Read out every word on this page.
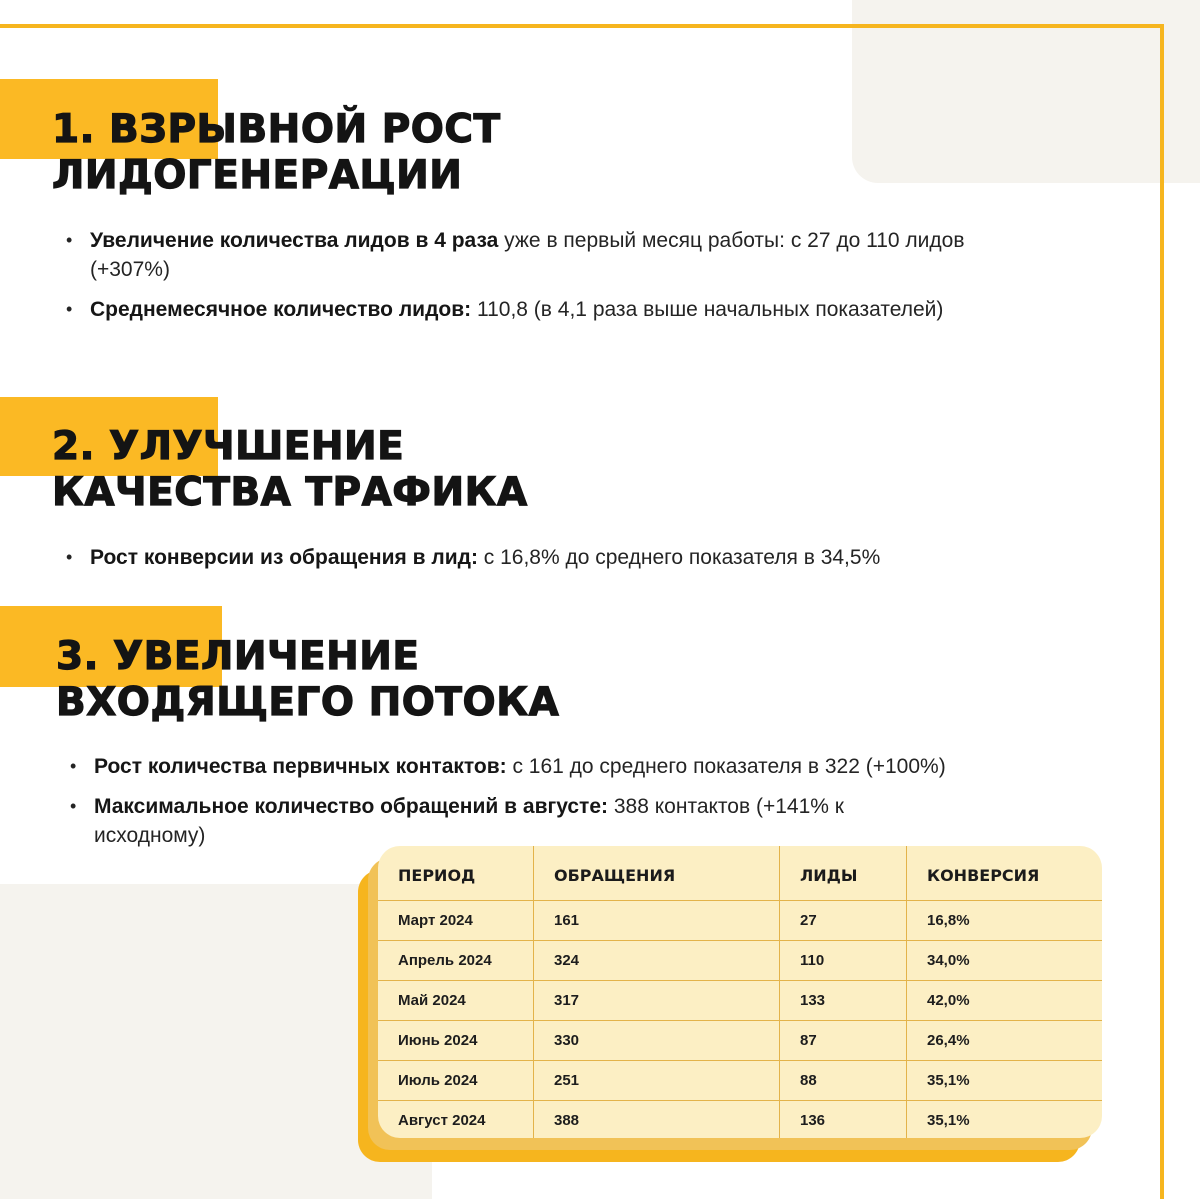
1. ВЗРЫВНОЙ РОСТ
ЛИДОГЕНЕРАЦИИ
• Увеличение количества лидов в 4 раза уже в первый месяц работы: с 27 до 110 лидов (+307%)
• Среднемесячное количество лидов: 110,8 (в 4,1 раза выше начальных показателей)
2. УЛУЧШЕНИЕ
КАЧЕСТВА ТРАФИКА
• Рост конверсии из обращения в лид: с 16,8% до среднего показателя в 34,5%
3. УВЕЛИЧЕНИЕ
ВХОДЯЩЕГО ПОТОКА
• Рост количества первичных контактов: с 161 до среднего показателя в 322 (+100%)
• Максимальное количество обращений в августе: 388 контактов (+141% к исходному)
ПЕРИОД	ОБРАЩЕНИЯ	ЛИДЫ	КОНВЕРСИЯ
Март 2024	161	27	16,8%
Апрель 2024	324	110	34,0%
Май 2024	317	133	42,0%
Июнь 2024	330	87	26,4%
Июль 2024	251	88	35,1%
Август 2024	388	136	35,1%
